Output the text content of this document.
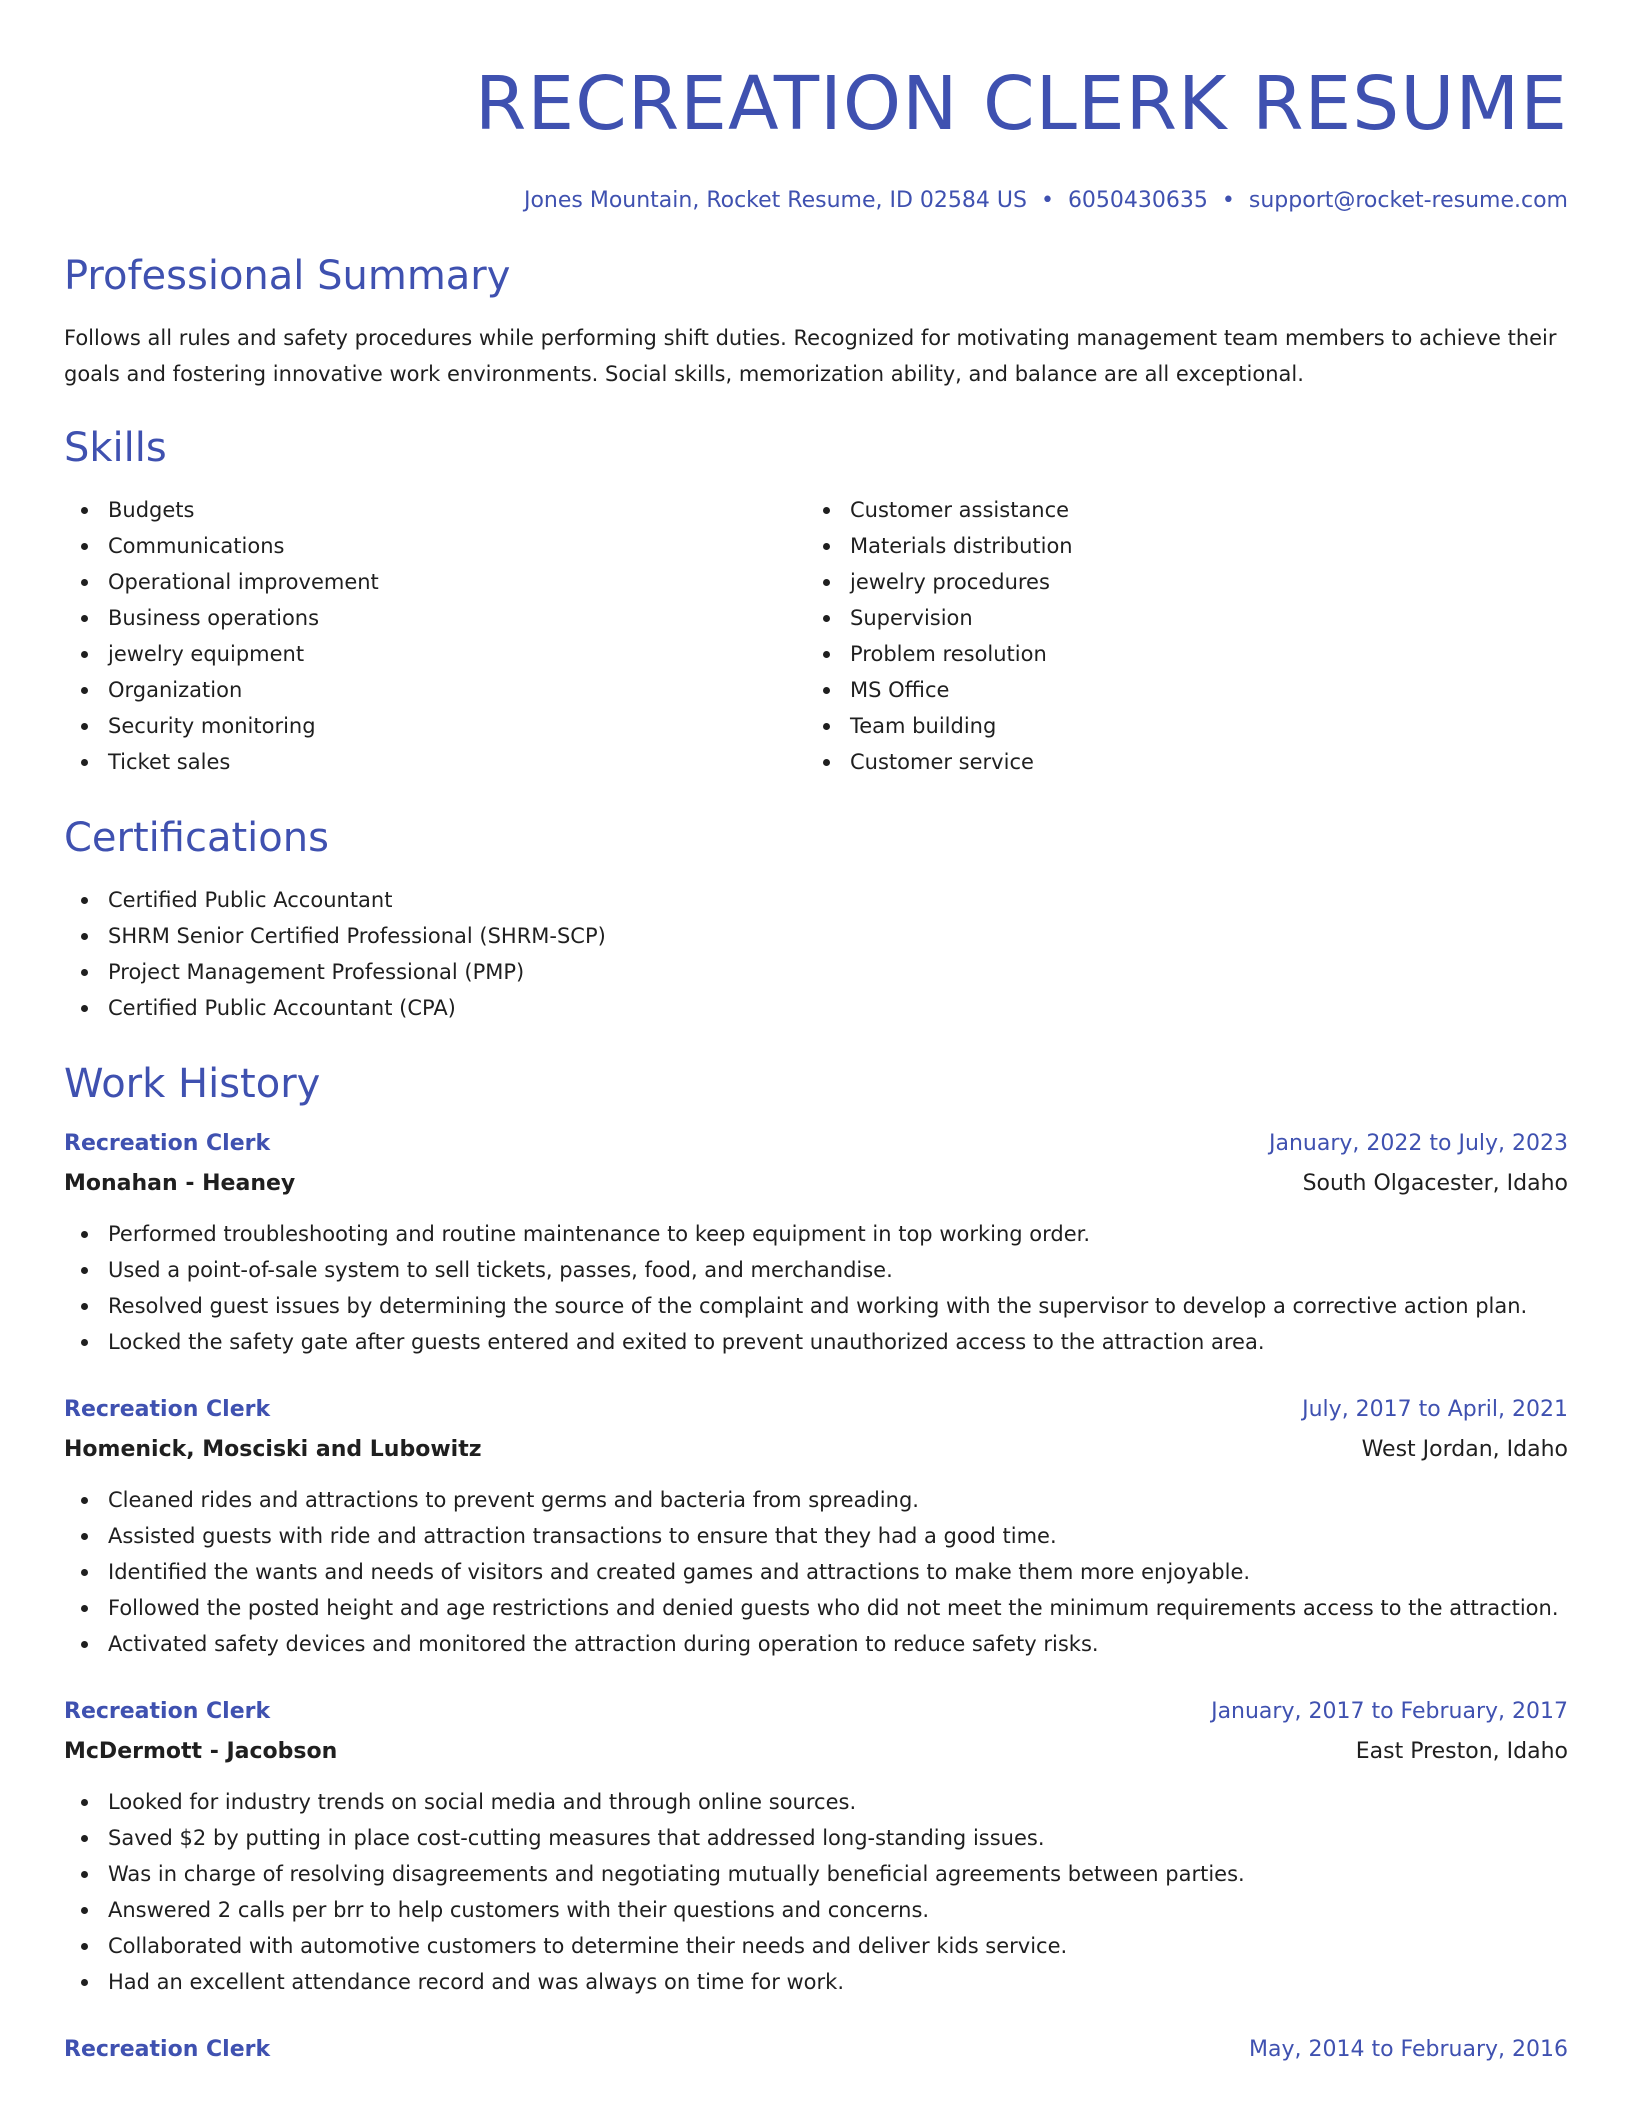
RECREATION CLERK RESUME
Jones Mountain, Rocket Resume, ID 02584 US • 6050430635 • support@rocket-resume.com
Professional Summary

Follows all rules and safety procedures while performing shift duties. Recognized for motivating management team members to achieve their goals and fostering innovative work environments. Social skills, memorization ability, and balance are all exceptional.

Skills
Budgets
Communications
Operational improvement
Business operations
jewelry equipment
Organization
Security monitoring
Ticket sales
Customer assistance
Materials distribution
jewelry procedures
Supervision
Problem resolution
MS Office
Team building
Customer service
Certifications
Certified Public Accountant
SHRM Senior Certified Professional (SHRM-SCP)
Project Management Professional (PMP)
Certified Public Accountant (CPA)
Work History
Recreation Clerk	January, 2022 to July, 2023
Monahan - Heaney	South Olgacester, Idaho
Performed troubleshooting and routine maintenance to keep equipment in top working order.
Used a point-of-sale system to sell tickets, passes, food, and merchandise.
Resolved guest issues by determining the source of the complaint and working with the supervisor to develop a corrective action plan.
Locked the safety gate after guests entered and exited to prevent unauthorized access to the attraction area.
Recreation Clerk	July, 2017 to April, 2021
Homenick, Mosciski and Lubowitz	West Jordan, Idaho
Cleaned rides and attractions to prevent germs and bacteria from spreading.
Assisted guests with ride and attraction transactions to ensure that they had a good time.
Identified the wants and needs of visitors and created games and attractions to make them more enjoyable.
Followed the posted height and age restrictions and denied guests who did not meet the minimum requirements access to the attraction.
Activated safety devices and monitored the attraction during operation to reduce safety risks.
Recreation Clerk	January, 2017 to February, 2017
McDermott - Jacobson	East Preston, Idaho
Looked for industry trends on social media and through online sources.
Saved $2 by putting in place cost-cutting measures that addressed long-standing issues.
Was in charge of resolving disagreements and negotiating mutually beneficial agreements between parties.
Answered 2 calls per brr to help customers with their questions and concerns.
Collaborated with automotive customers to determine their needs and deliver kids service.
Had an excellent attendance record and was always on time for work.
Recreation Clerk	May, 2014 to February, 2016
